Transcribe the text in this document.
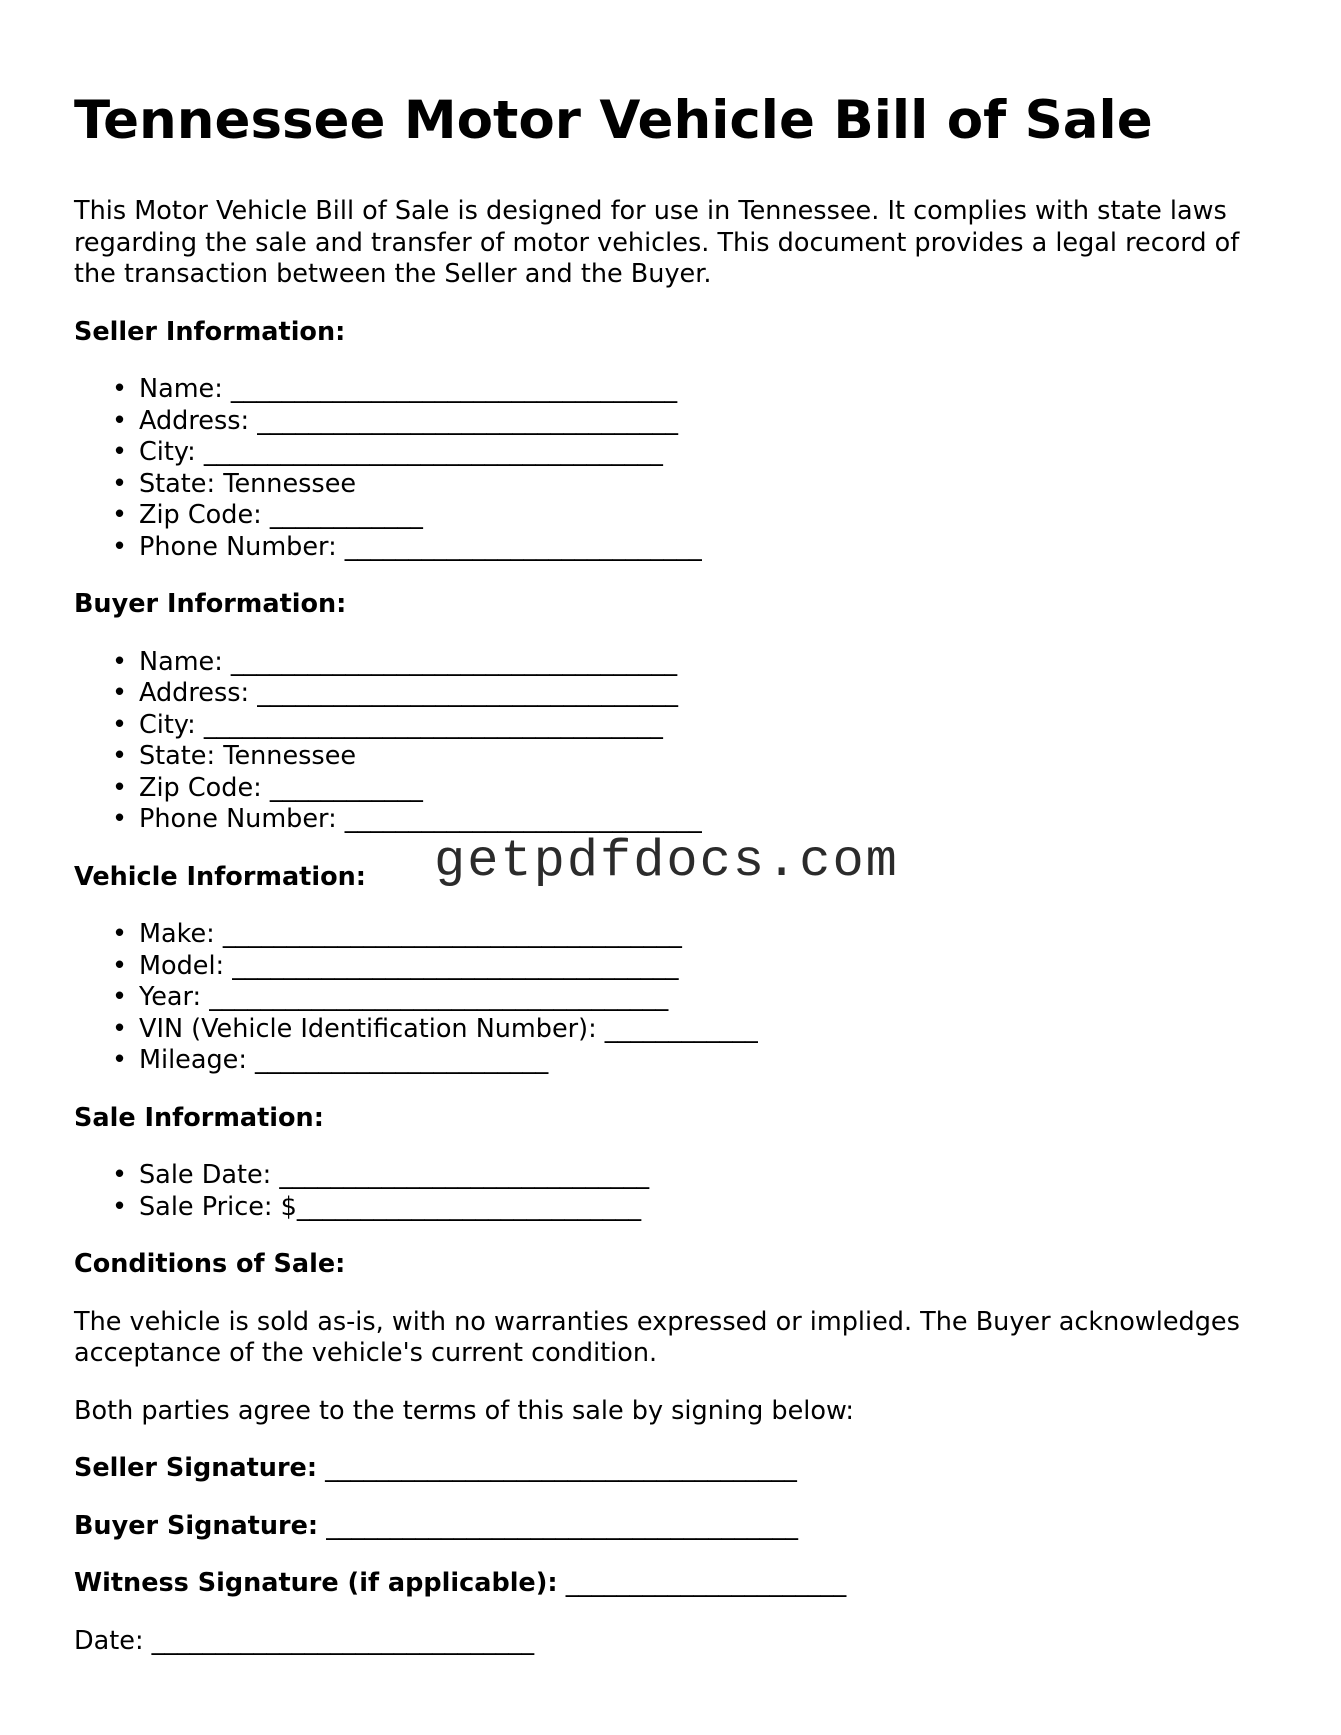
Tennessee Motor Vehicle Bill of Sale

This Motor Vehicle Bill of Sale is designed for use in Tennessee. It complies with state laws regarding the sale and transfer of motor vehicles. This document provides a legal record of the transaction between the Seller and the Buyer.

Seller Information:
• Name: ___________________________________
• Address: _________________________________
• City: ____________________________________
• State: Tennessee
• Zip Code: ____________
• Phone Number: ____________________________
Buyer Information:
• Name: ___________________________________
• Address: _________________________________
• City: ____________________________________
• State: Tennessee
• Zip Code: ____________
• Phone Number: ____________________________
Vehicle Information: getpdfdocs.com
• Make: ____________________________________
• Model: ___________________________________
• Year: ____________________________________
• VIN (Vehicle Identification Number): ____________
• Mileage: _______________________
Sale Information:
• Sale Date: _____________________________
• Sale Price: $___________________________
Conditions of Sale:

The vehicle is sold as-is, with no warranties expressed or implied. The Buyer acknowledges acceptance of the vehicle's current condition.

Both parties agree to the terms of this sale by signing below:

Seller Signature: _____________________________________
Buyer Signature: _____________________________________
Witness Signature (if applicable): ______________________
Date: ______________________________
